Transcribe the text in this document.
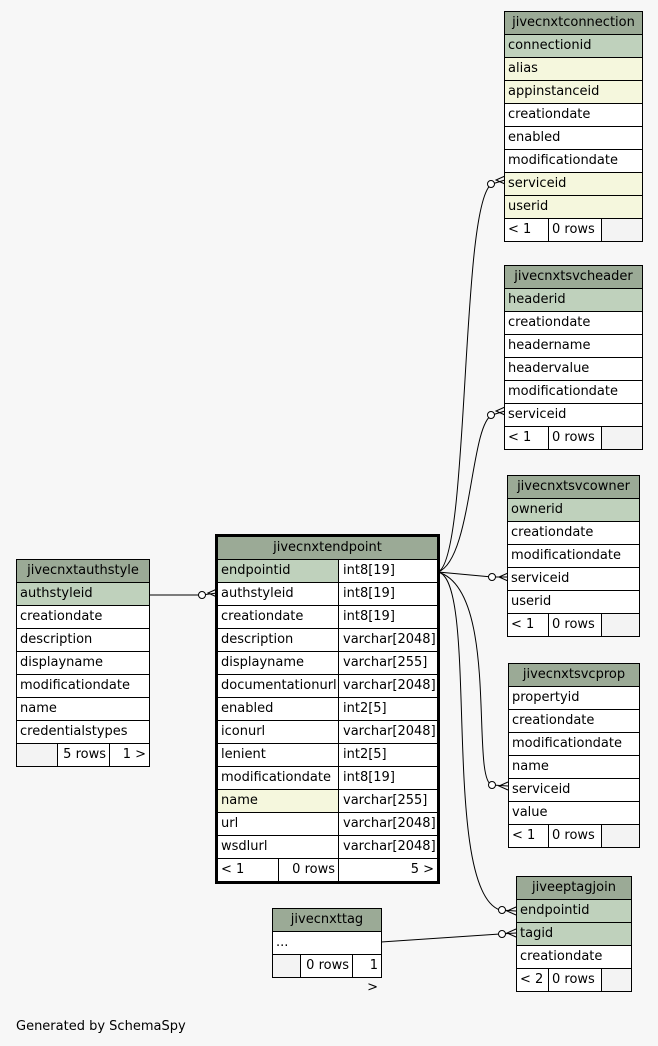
jivecnxtconnection
connectionid
alias
appinstanceid
creationdate
enabled
modificationdate
serviceid
userid
< 1	0 rows
jivecnxtsvcheader
headerid
creationdate
headername
headervalue
modificationdate
serviceid
< 1	0 rows
jivecnxtsvcowner
ownerid
creationdate
modificationdate
serviceid
userid
< 1	0 rows
jivecnxtsvcprop
propertyid
creationdate
modificationdate
name
serviceid
value
< 1	0 rows
jiveeptagjoin
endpointid
tagid
creationdate
< 2 0 rows
jivecnxttag
...
0 rows	1 >
jivecnxtauthstyle
authstyleid
creationdate
description
displayname
modificationdate
name
credentialstypes
5 rows	1 >
jivecnxtendpoint
endpointid	int8[19]
authstyleid	int8[19]
creationdate	int8[19]
description	varchar[2048]
displayname	varchar[255]
documentationurl varchar[2048]
enabled	int2[5]
iconurl	varchar[2048]
lenient	int2[5]
modificationdate int8[19]
name	varchar[255]
url	varchar[2048]
wsdlurl	varchar[2048]
< 1	0 rows	5 >
Generated by SchemaSpy
